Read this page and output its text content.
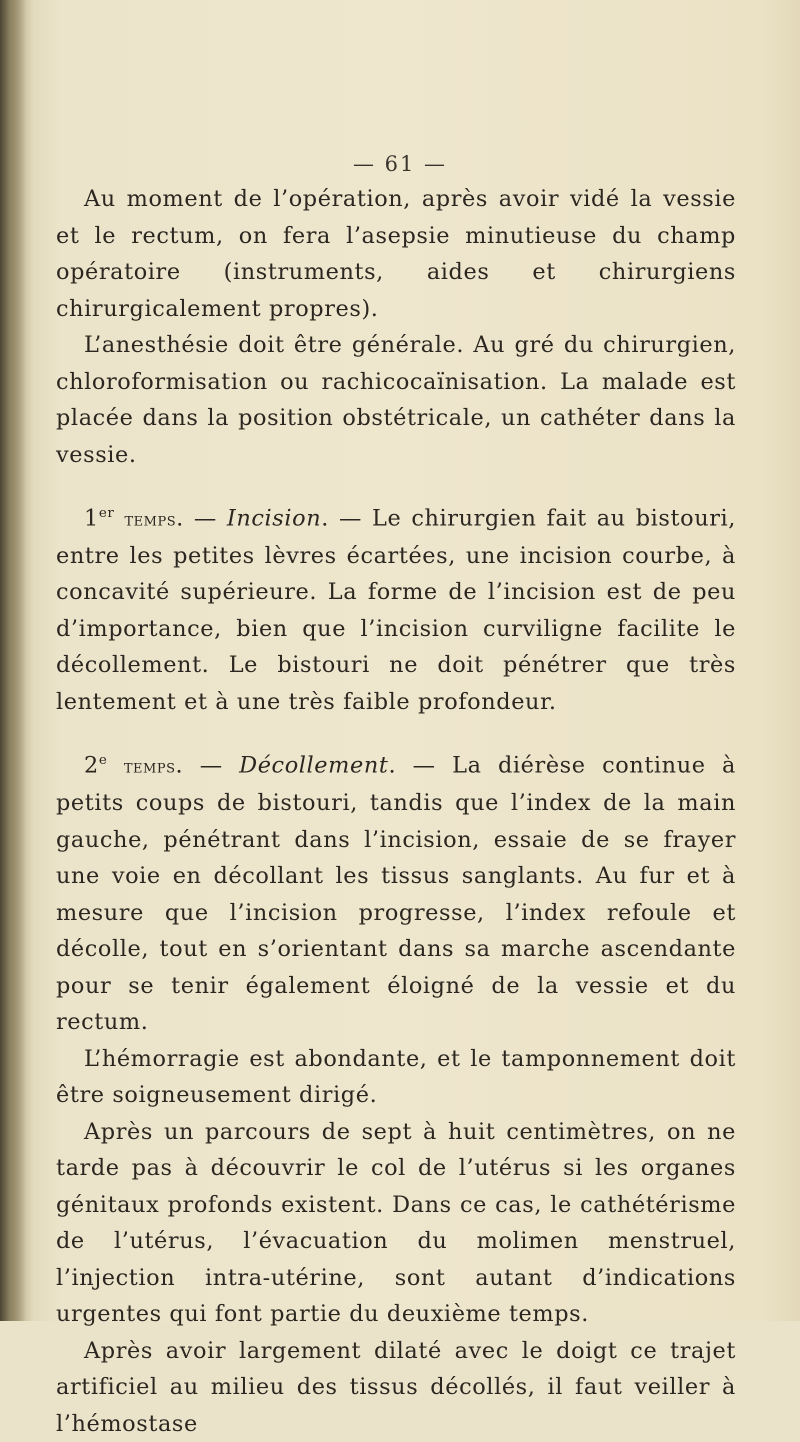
— 61 —

Au moment de l’opération, après avoir vidé la vessie et le rectum, on fera l’asepsie minutieuse du champ opératoire (instruments, aides et chirurgiens chirurgicalement propres).

L’anesthésie doit être générale. Au gré du chirurgien, chloroformisation ou rachicocaïnisation. La malade est placée dans la position obstétricale, un cathéter dans la vessie.

1er temps. — Incision. — Le chirurgien fait au bistouri, entre les petites lèvres écartées, une incision courbe, à concavité supérieure. La forme de l’incision est de peu d’importance, bien que l’incision curviligne facilite le décollement. Le bistouri ne doit pénétrer que très lentement et à une très faible profondeur.

2e temps. — Décollement. — La diérèse continue à petits coups de bistouri, tandis que l’index de la main gauche, pénétrant dans l’incision, essaie de se frayer une voie en décollant les tissus sanglants. Au fur et à mesure que l’incision progresse, l’index refoule et décolle, tout en s’orientant dans sa marche ascendante pour se tenir également éloigné de la vessie et du rectum.

L’hémorragie est abondante, et le tamponnement doit être soigneusement dirigé.

Après un parcours de sept à huit centimètres, on ne tarde pas à découvrir le col de l’utérus si les organes génitaux profonds existent. Dans ce cas, le cathétérisme de l’utérus, l’évacuation du molimen menstruel, l’injection intra-utérine, sont autant d’indications urgentes qui font partie du deuxième temps.

Après avoir largement dilaté avec le doigt ce trajet artificiel au milieu des tissus décollés, il faut veiller à l’hémostase
